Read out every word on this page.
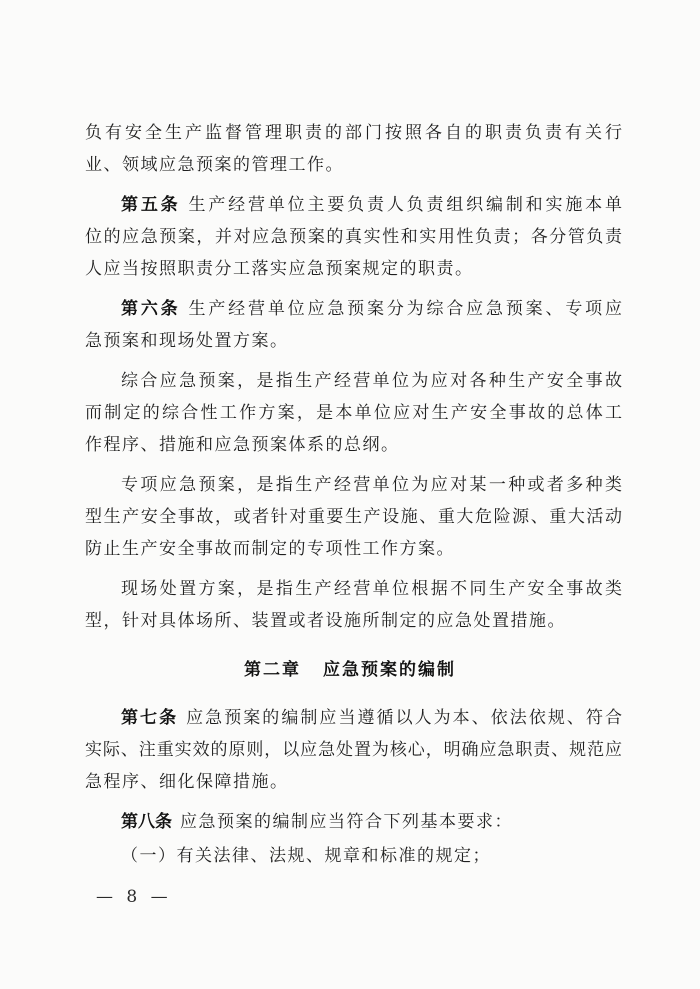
负有安全生产监督管理职责的部门按照各自的职责负责有关行
业、领域应急预案的管理工作。
第五条 生产经营单位主要负责人负责组织编制和实施本单
位的应急预案，并对应急预案的真实性和实用性负责；各分管负责
人应当按照职责分工落实应急预案规定的职责。
第六条 生产经营单位应急预案分为综合应急预案、专项应
急预案和现场处置方案。
综合应急预案，是指生产经营单位为应对各种生产安全事故
而制定的综合性工作方案，是本单位应对生产安全事故的总体工
作程序、措施和应急预案体系的总纲。
专项应急预案，是指生产经营单位为应对某一种或者多种类
型生产安全事故，或者针对重要生产设施、重大危险源、重大活动
防止生产安全事故而制定的专项性工作方案。
现场处置方案，是指生产经营单位根据不同生产安全事故类
型，针对具体场所、装置或者设施所制定的应急处置措施。
第二章 应急预案的编制
第七条 应急预案的编制应当遵循以人为本、依法依规、符合
实际、注重实效的原则，以应急处置为核心，明确应急职责、规范应
急程序、细化保障措施。
第八条 应急预案的编制应当符合下列基本要求：
（一）有关法律、法规、规章和标准的规定；
— 8 —
